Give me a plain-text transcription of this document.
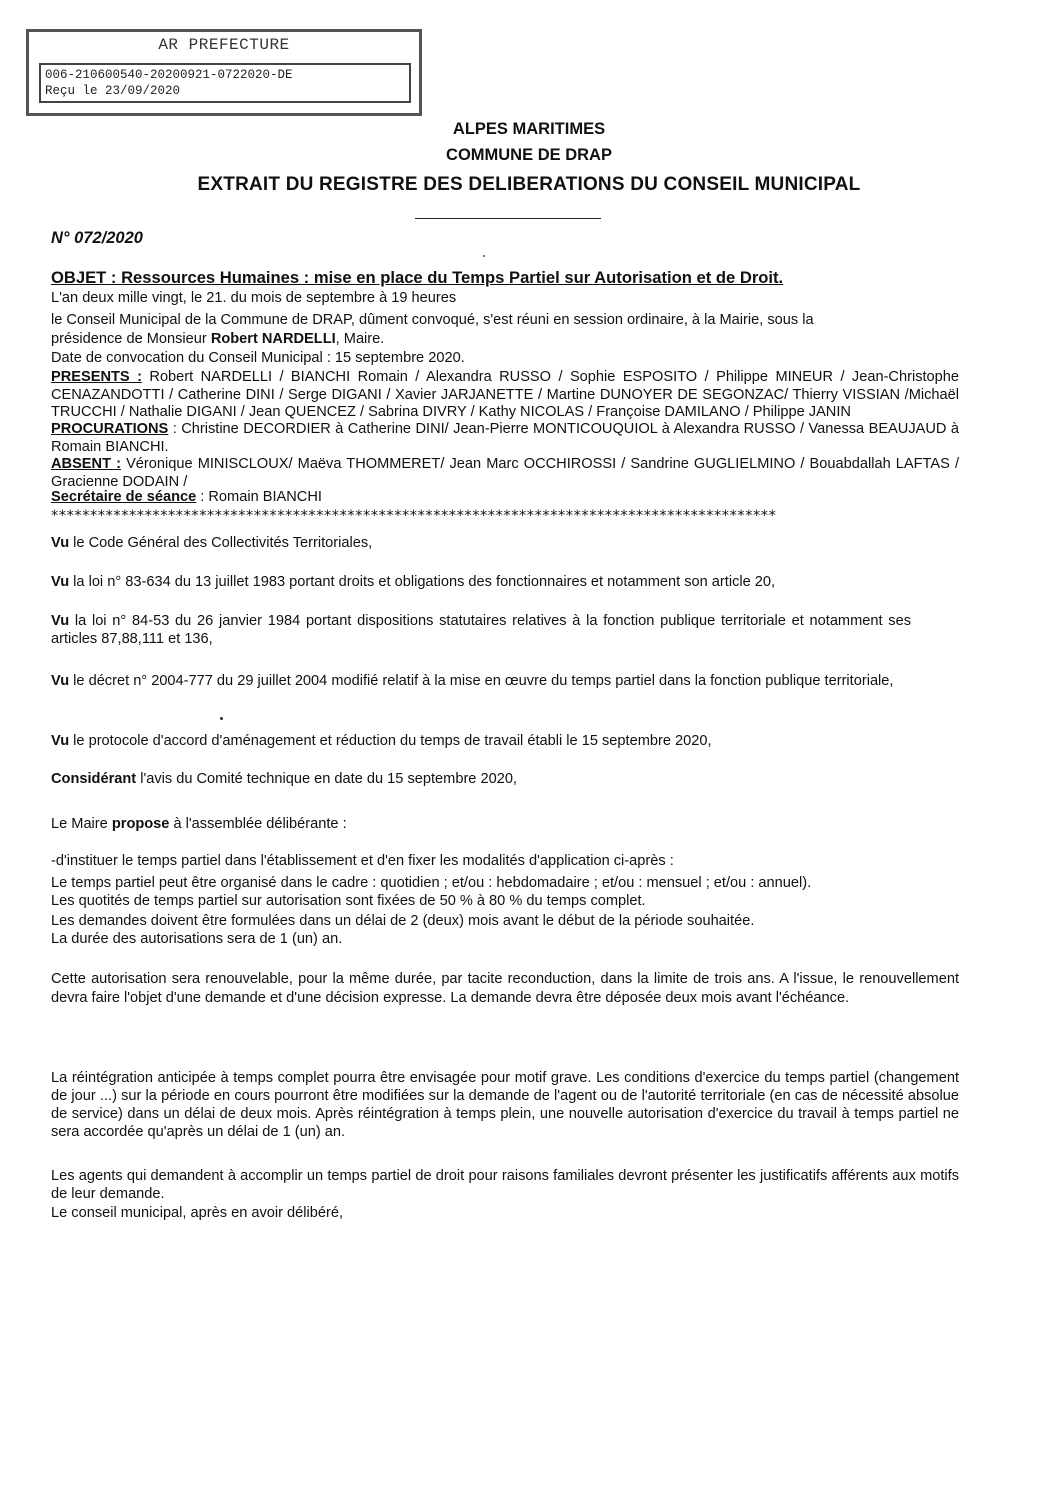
AR PREFECTURE
006-210600540-20200921-0722020-DE
Reçu le 23/09/2020
ALPES MARITIMES
COMMUNE DE DRAP
EXTRAIT DU REGISTRE DES DELIBERATIONS DU CONSEIL MUNICIPAL
N° 072/2020
OBJET : Ressources Humaines : mise en place du Temps Partiel sur Autorisation et de Droit.
L'an deux mille vingt, le 21. du mois de septembre à 19 heures
le Conseil Municipal de la Commune de DRAP, dûment convoqué, s'est réuni en session ordinaire, à la Mairie, sous la
présidence de Monsieur Robert NARDELLI, Maire.
Date de convocation du Conseil Municipal : 15 septembre 2020.
PRESENTS : Robert NARDELLI / BIANCHI Romain / Alexandra RUSSO / Sophie ESPOSITO / Philippe MINEUR / Jean-Christophe CENAZANDOTTI / Catherine DINI / Serge DIGANI / Xavier JARJANETTE / Martine DUNOYER DE SEGONZAC/ Thierry VISSIAN /Michaël TRUCCHI / Nathalie DIGANI / Jean QUENCEZ / Sabrina DIVRY / Kathy NICOLAS / Françoise DAMILANO / Philippe JANIN
PROCURATIONS : Christine DECORDIER à Catherine DINI/ Jean-Pierre MONTICOUQUIOL à Alexandra RUSSO / Vanessa BEAUJAUD à Romain BIANCHI.
ABSENT : Véronique MINISCLOUX/ Maëva THOMMERET/ Jean Marc OCCHIROSSI / Sandrine GUGLIELMINO / Bouabdallah LAFTAS / Gracienne DODAIN /
Secrétaire de séance : Romain BIANCHI
*********************************************************************************************
Vu le Code Général des Collectivités Territoriales,
Vu la loi n° 83-634 du 13 juillet 1983 portant droits et obligations des fonctionnaires et notamment son article 20,
Vu la loi n° 84-53 du 26 janvier 1984 portant dispositions statutaires relatives à la fonction publique territoriale et notamment ses articles 87,88,111 et 136,
Vu le décret n° 2004-777 du 29 juillet 2004 modifié relatif à la mise en œuvre du temps partiel dans la fonction publique territoriale,
Vu le protocole d'accord d'aménagement et réduction du temps de travail établi le 15 septembre 2020,
Considérant l'avis du Comité technique en date du 15 septembre 2020,
Le Maire propose à l'assemblée délibérante :
-d'instituer le temps partiel dans l'établissement et d'en fixer les modalités d'application ci-après :
Le temps partiel peut être organisé dans le cadre : quotidien ; et/ou : hebdomadaire ; et/ou : mensuel ; et/ou : annuel).
Les quotités de temps partiel sur autorisation sont fixées de 50 % à 80 % du temps complet.
Les demandes doivent être formulées dans un délai de 2 (deux) mois avant le début de la période souhaitée.
La durée des autorisations sera de 1 (un) an.
Cette autorisation sera renouvelable, pour la même durée, par tacite reconduction, dans la limite de trois ans. A l'issue, le renouvellement devra faire l'objet d'une demande et d'une décision expresse. La demande devra être déposée deux mois avant l'échéance.
La réintégration anticipée à temps complet pourra être envisagée pour motif grave. Les conditions d'exercice du temps partiel (changement de jour ...) sur la période en cours pourront être modifiées sur la demande de l'agent ou de l'autorité territoriale (en cas de nécessité absolue de service) dans un délai de deux mois. Après réintégration à temps plein, une nouvelle autorisation d'exercice du travail à temps partiel ne sera accordée qu'après un délai de 1 (un) an.
Les agents qui demandent à accomplir un temps partiel de droit pour raisons familiales devront présenter les justificatifs afférents aux motifs de leur demande.
Le conseil municipal, après en avoir délibéré,
